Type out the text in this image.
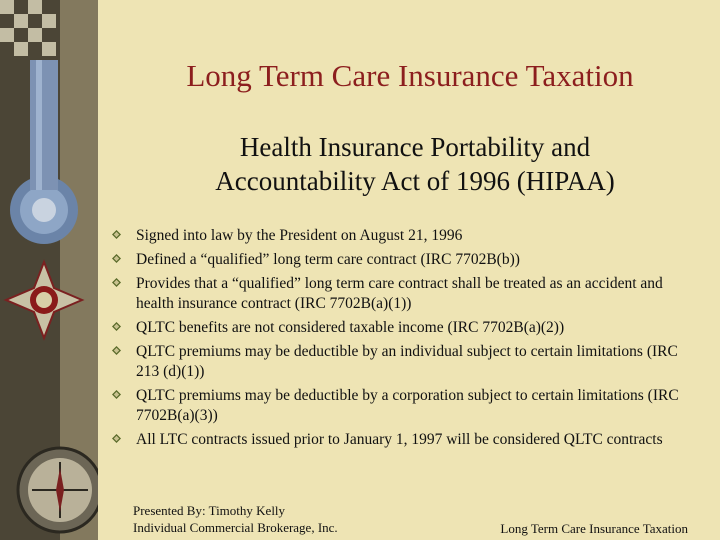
Long Term Care Insurance Taxation
Health Insurance Portability and
Accountability Act of 1996 (HIPAA)
Signed into law by the President on August 21, 1996
Defined a “qualified” long term care contract (IRC 7702B(b))
Provides that a “qualified” long term care contract shall be treated as an accident and health insurance contract (IRC 7702B(a)(1))
QLTC benefits are not considered taxable income (IRC 7702B(a)(2))
QLTC premiums may be deductible by an individual subject to certain limitations (IRC 213 (d)(1))
QLTC premiums may be deductible by a corporation subject to certain limitations (IRC 7702B(a)(3))
All LTC contracts issued prior to January 1, 1997 will be considered QLTC contracts
Presented By: Timothy Kelly
Individual Commercial Brokerage, Inc.	Long Term Care Insurance Taxation
